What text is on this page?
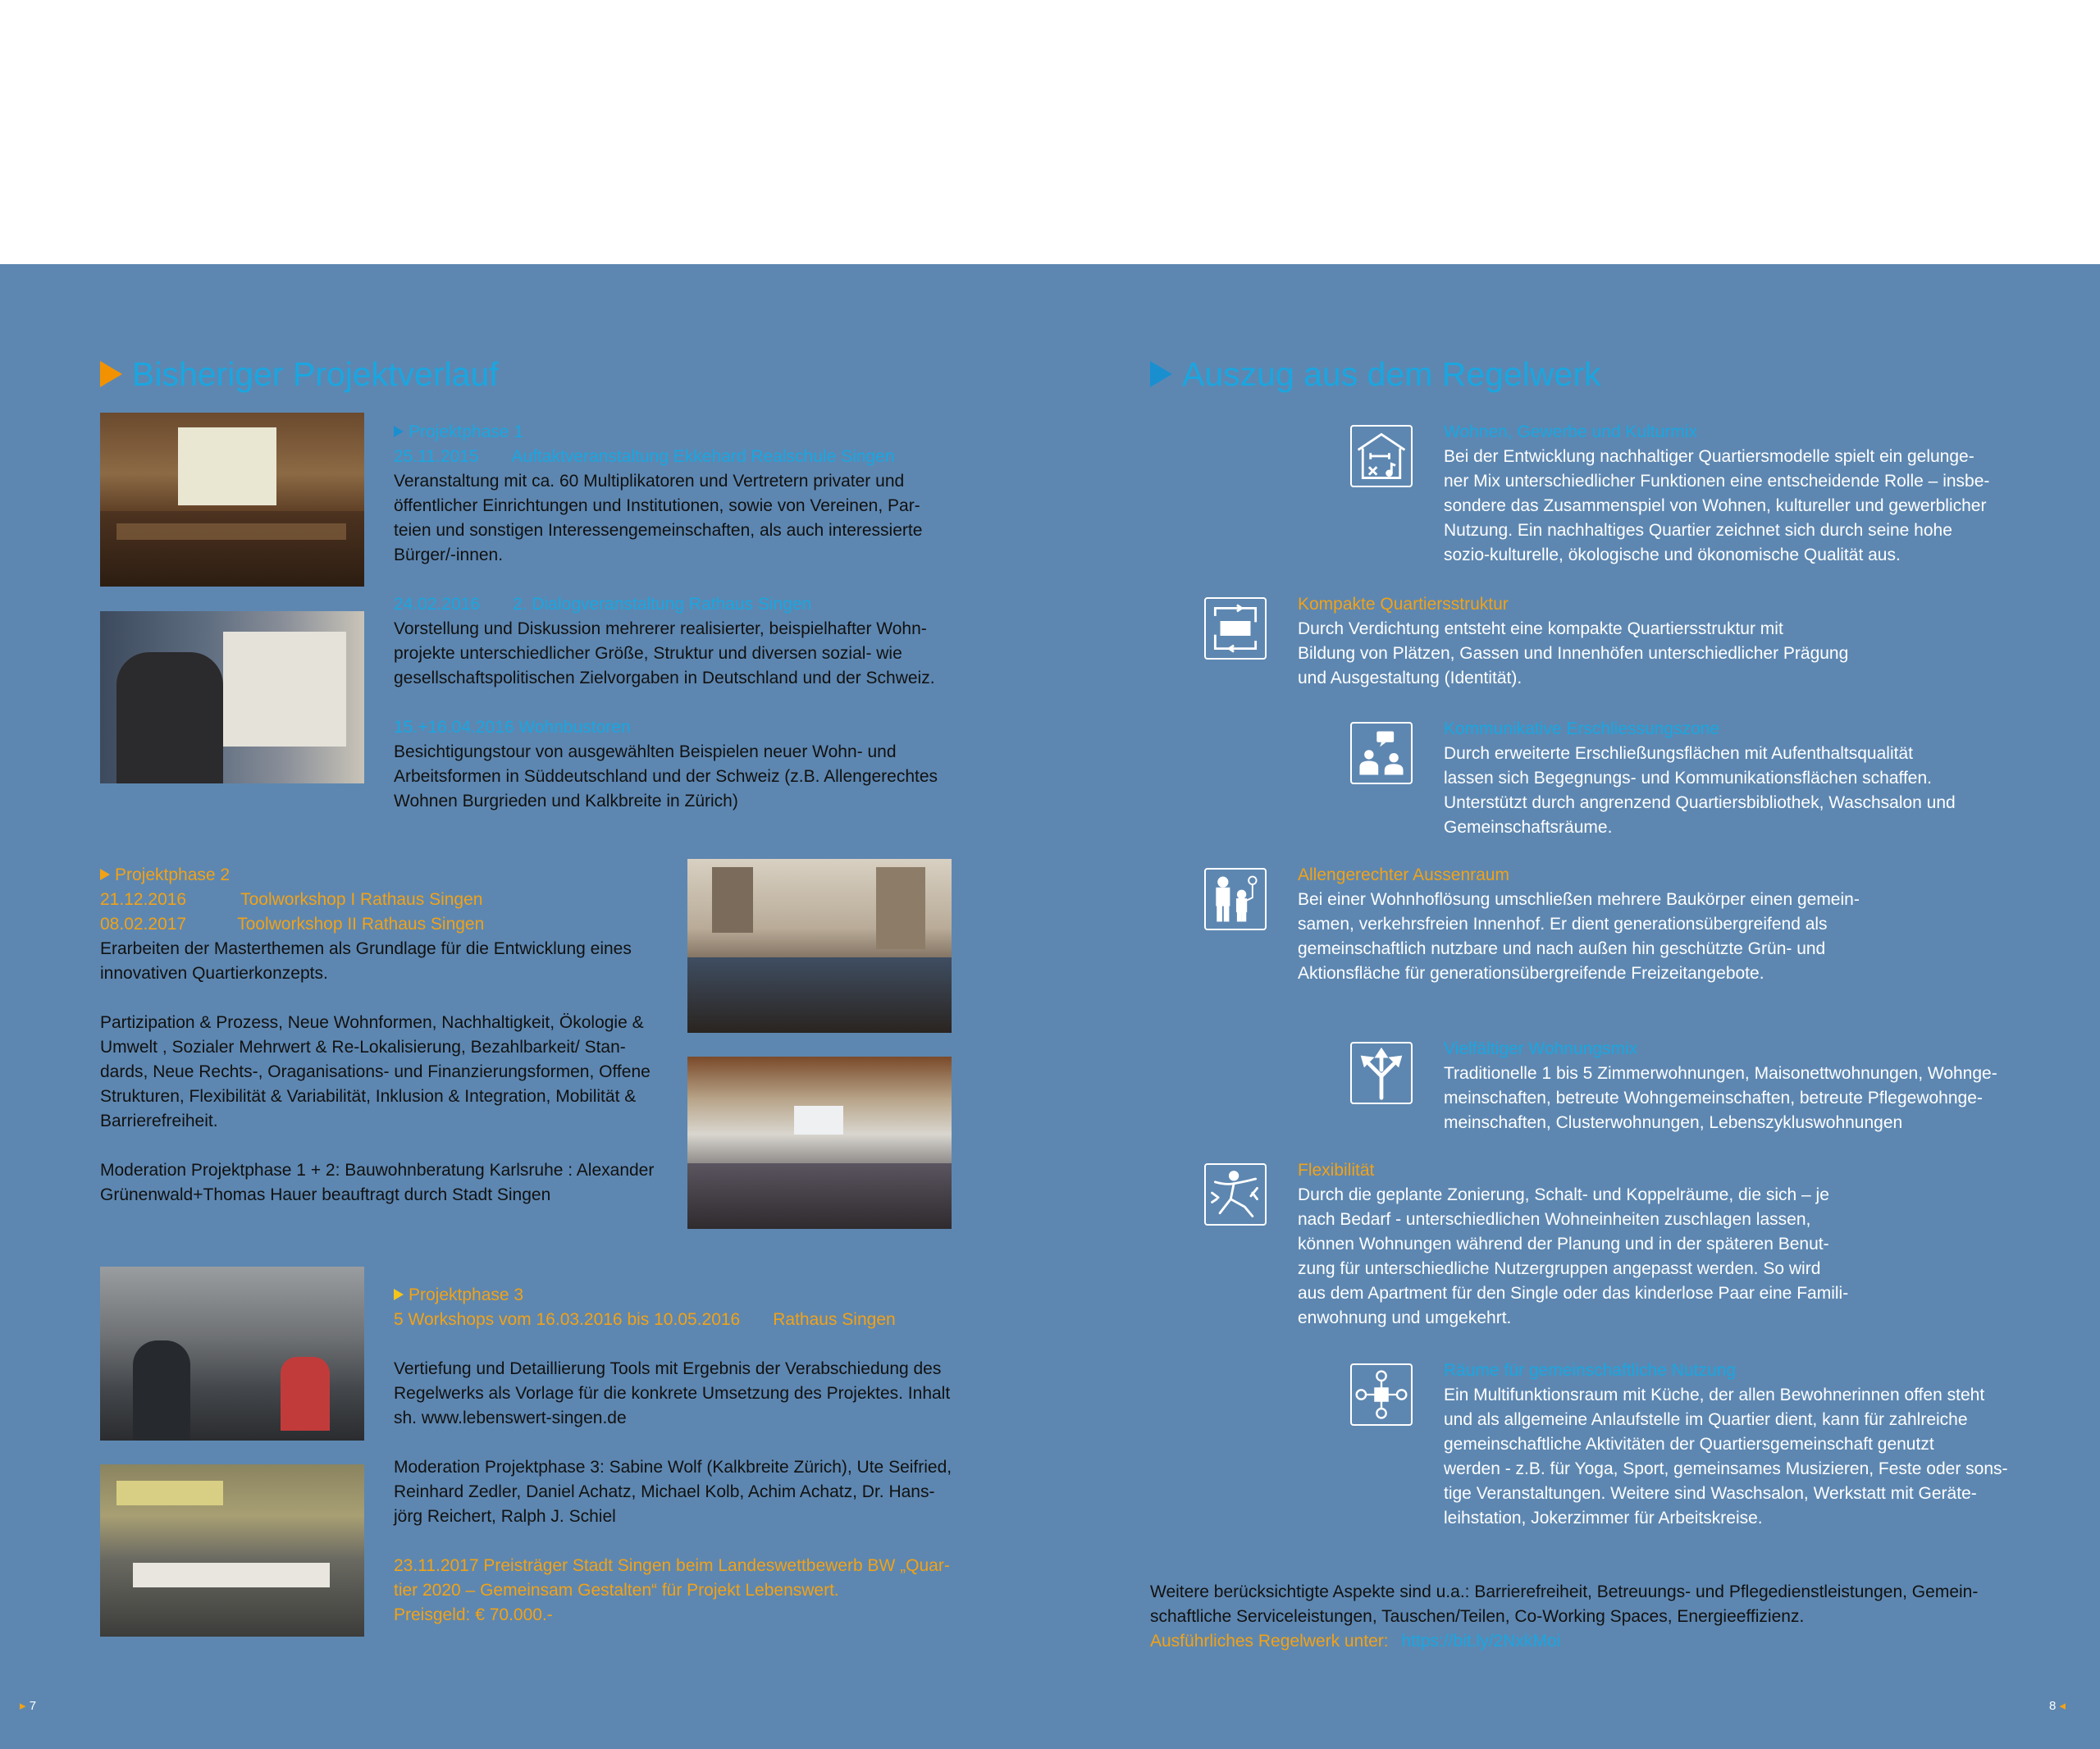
Bisheriger Projektverlauf
Projektphase 1
25.11.2015 Auftaktveranstaltung Ekkehard Realschule Singen
Veranstaltung mit ca. 60 Multiplikatoren und Vertretern privater und
öffentlicher Einrichtungen und Institutionen, sowie von Vereinen, Par-
teien und sonstigen Interessengemeinschaften, als auch interessierte
Bürger/-innen.
24.02.2016 2. Dialogveranstaltung Rathaus Singen
Vorstellung und Diskussion mehrerer realisierter, beispielhafter Wohn-
projekte unterschiedlicher Größe, Struktur und diversen sozial- wie
gesellschaftspolitischen Zielvorgaben in Deutschland und der Schweiz.
15.+16.04.2016 Wohnbustoren
Besichtigungstour von ausgewählten Beispielen neuer Wohn- und
Arbeitsformen in Süddeutschland und der Schweiz (z.B. Allengerechtes
Wohnen Burgrieden und Kalkbreite in Zürich)
Projektphase 2
21.12.2016	Toolworkshop I Rathaus Singen
08.02.2017	Toolworkshop II Rathaus Singen
Erarbeiten der Masterthemen als Grundlage für die Entwicklung eines
innovativen Quartierkonzepts.
Partizipation & Prozess, Neue Wohnformen, Nachhaltigkeit, Ökologie &
Umwelt , Sozialer Mehrwert & Re-Lokalisierung, Bezahlbarkeit/ Stan-
dards, Neue Rechts-, Oraganisations- und Finanzierungsformen, Offene
Strukturen, Flexibilität & Variabilität, Inklusion & Integration, Mobilität &
Barrierefreiheit.
Moderation Projektphase 1 + 2: Bauwohnberatung Karlsruhe : Alexander
Grünenwald+Thomas Hauer beauftragt durch Stadt Singen
Projektphase 3
5 Workshops vom 16.03.2016 bis 10.05.2016 Rathaus Singen
Vertiefung und Detaillierung Tools mit Ergebnis der Verabschiedung des
Regelwerks als Vorlage für die konkrete Umsetzung des Projektes. Inhalt
sh. www.lebenswert-singen.de
Moderation Projektphase 3: Sabine Wolf (Kalkbreite Zürich), Ute Seifried,
Reinhard Zedler, Daniel Achatz, Michael Kolb, Achim Achatz, Dr. Hans-
jörg Reichert, Ralph J. Schiel
23.11.2017 Preisträger Stadt Singen beim Landeswettbewerb BW „Quar-
tier 2020 – Gemeinsam Gestalten“ für Projekt Lebenswert.
Preisgeld: € 70.000.-
▸ 7
Auszug aus dem Regelwerk
Wohnen, Gewerbe und Kulturmix
Bei der Entwicklung nachhaltiger Quartiersmodelle spielt ein gelunge-
ner Mix unterschiedlicher Funktionen eine entscheidende Rolle – insbe-
sondere das Zusammenspiel von Wohnen, kultureller und gewerblicher
Nutzung. Ein nachhaltiges Quartier zeichnet sich durch seine hohe
sozio-kulturelle, ökologische und ökonomische Qualität aus.
Kompakte Quartiersstruktur
Durch Verdichtung entsteht eine kompakte Quartiersstruktur mit
Bildung von Plätzen, Gassen und Innenhöfen unterschiedlicher Prägung
und Ausgestaltung (Identität).
Kommunikative Erschliessungszone
Durch erweiterte Erschließungsflächen mit Aufenthaltsqualität
lassen sich Begegnungs- und Kommunikationsflächen schaffen.
Unterstützt durch angrenzend Quartiersbibliothek, Waschsalon und
Gemeinschaftsräume.
Allengerechter Aussenraum
Bei einer Wohnhoflösung umschließen mehrere Baukörper einen gemein-
samen, verkehrsfreien Innenhof. Er dient generationsübergreifend als
gemeinschaftlich nutzbare und nach außen hin geschützte Grün- und
Aktionsfläche für generationsübergreifende Freizeitangebote.
Vielfältiger Wohnungsmix
Traditionelle 1 bis 5 Zimmerwohnungen, Maisonettwohnungen, Wohnge-
meinschaften, betreute Wohngemeinschaften, betreute Pflegewohnge-
meinschaften, Clusterwohnungen, Lebenszykluswohnungen
Flexibilität
Durch die geplante Zonierung, Schalt- und Koppelräume, die sich – je
nach Bedarf - unterschiedlichen Wohneinheiten zuschlagen lassen,
können Wohnungen während der Planung und in der späteren Benut-
zung für unterschiedliche Nutzergruppen angepasst werden. So wird
aus dem Apartment für den Single oder das kinderlose Paar eine Famili-
enwohnung und umgekehrt.
Räume für gemeinschaftliche Nutzung
Ein Multifunktionsraum mit Küche, der allen Bewohnerinnen offen steht
und als allgemeine Anlaufstelle im Quartier dient, kann für zahlreiche
gemeinschaftliche Aktivitäten der Quartiersgemeinschaft genutzt
werden - z.B. für Yoga, Sport, gemeinsames Musizieren, Feste oder sons-
tige Veranstaltungen. Weitere sind Waschsalon, Werkstatt mit Geräte-
leihstation, Jokerzimmer für Arbeitskreise.
Weitere berücksichtigte Aspekte sind u.a.: Barrierefreiheit, Betreuungs- und Pflegedienstleistungen, Gemein-
schaftliche Serviceleistungen, Tauschen/Teilen, Co-Working Spaces, Energieeffizienz.
Ausführliches Regelwerk unter: https://bit.ly/2NxkMoi
8 ◂
